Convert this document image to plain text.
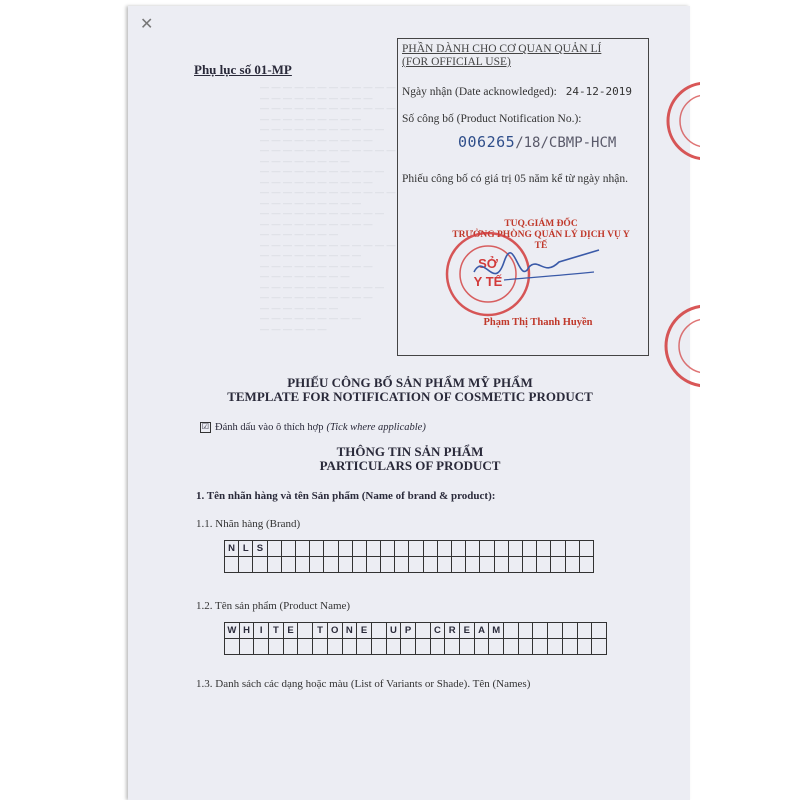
— — — — — — — — — — — —
— — — — — — — — — —
— — — — — — — — — — — —
— — — — — — — — —
— — — — — — — — — — —
— — — — — — — — — —
— — — — — — — — — — — —
— — — — — — — —
— — — — — — — — — — —
— — — — — — — — — —
— — — — — — — — — — — —
— — — — — — — — —
— — — — — — — — — — —
— — — — — — — — — —
— — — — — — —
— — — — — — — — — — — —
— — — — — — — — —
— — — — — — — — — —
— — — — — — — —
— — — — — — — — — — —
— — — — — — — — — —
— — — — — — —
— — — — — — — — —
— — — — — —
✕
Phụ lục số 01-MP
PHẦN DÀNH CHO CƠ QUAN QUẢN LÍ
(FOR OFFICIAL USE)
Ngày nhận (Date acknowledged): 24-12-2019
Số công bố (Product Notification No.):
006265/18/CBMP-HCM
Phiếu công bố có giá trị 05 năm kể từ ngày nhận.
TUQ.GIÁM ĐỐC
TRƯỞNG PHÒNG QUẢN LÝ DỊCH VỤ Y TẾ
Phạm Thị Thanh Huyền
SỞ
Y TẾ
PHIẾU CÔNG BỐ SẢN PHẨM MỸ PHẨM
TEMPLATE FOR NOTIFICATION OF COSMETIC PRODUCT
☑ Đánh dấu vào ô thích hợp (Tick where applicable)
THÔNG TIN SẢN PHẨM
PARTICULARS OF PRODUCT
1. Tên nhãn hàng và tên Sản phẩm (Name of brand & product):
1.1. Nhãn hàng (Brand)
N L S
1.2. Tên sản phẩm (Product Name)
W H	I	T E	T O N E	U P	C R E A M
1.3. Danh sách các dạng hoặc màu (List of Variants or Shade). Tên (Names)
